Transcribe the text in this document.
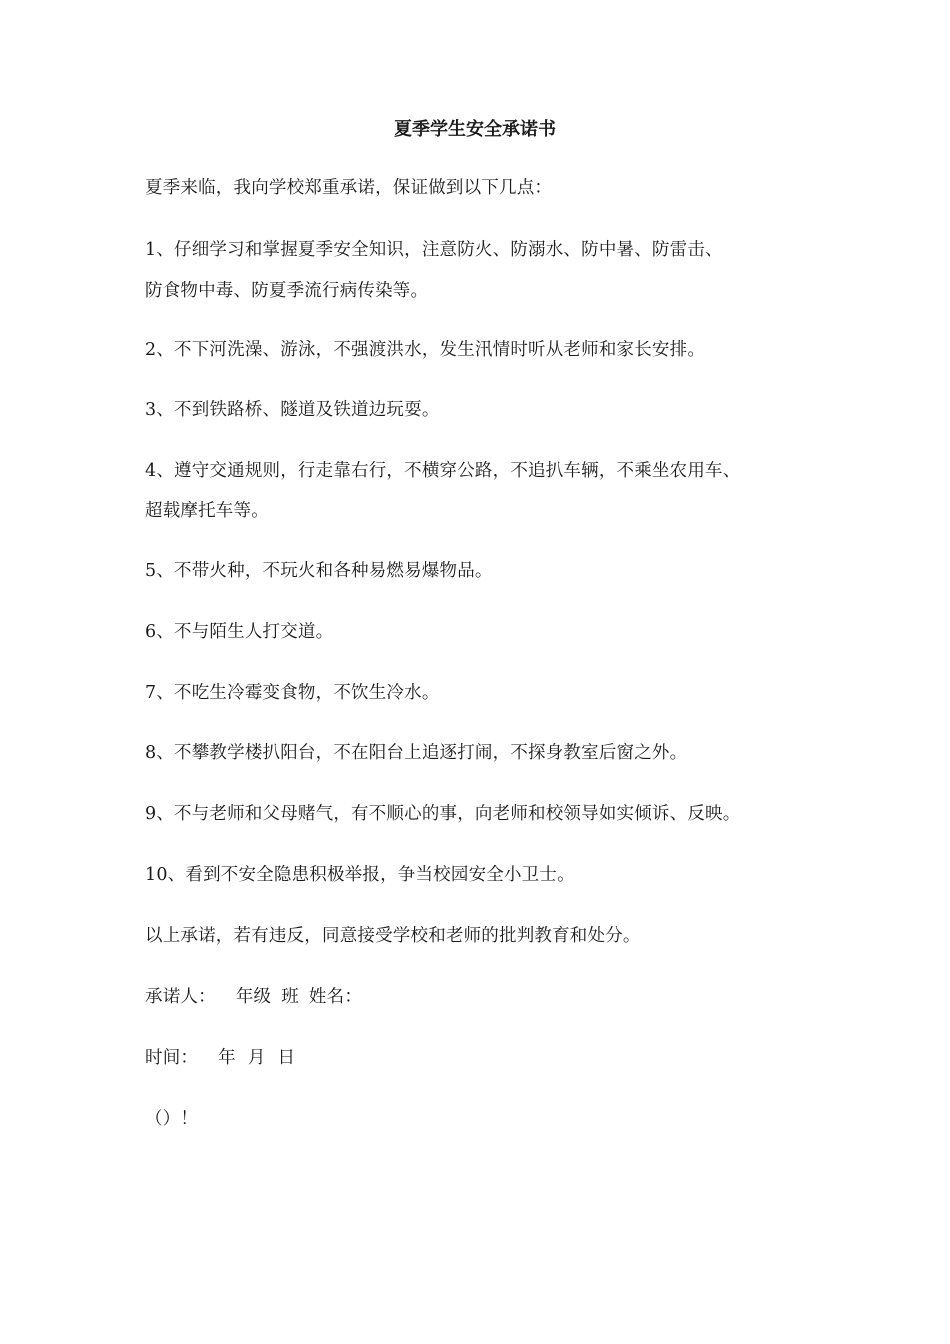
夏季学生安全承诺书
夏季来临，我向学校郑重承诺，保证做到以下几点：
1、仔细学习和掌握夏季安全知识，注意防火、防溺水、防中暑、防雷击、
防食物中毒、防夏季流行病传染等。
2、不下河洗澡、游泳，不强渡洪水，发生汛情时听从老师和家长安排。
3、不到铁路桥、隧道及铁道边玩耍。
4、遵守交通规则，行走靠右行，不横穿公路，不追扒车辆，不乘坐农用车、
超载摩托车等。
5、不带火种，不玩火和各种易燃易爆物品。
6、不与陌生人打交道。
7、不吃生冷霉变食物，不饮生冷水。
8、不攀教学楼扒阳台，不在阳台上追逐打闹，不探身教室后窗之外。
9、不与老师和父母赌气，有不顺心的事，向老师和校领导如实倾诉、反映。
10、看到不安全隐患积极举报，争当校园安全小卫士。
以上承诺，若有违反，同意接受学校和老师的批判教育和处分。
承诺人： 年级 班 姓名：
时间： 年 月 日
（）！
